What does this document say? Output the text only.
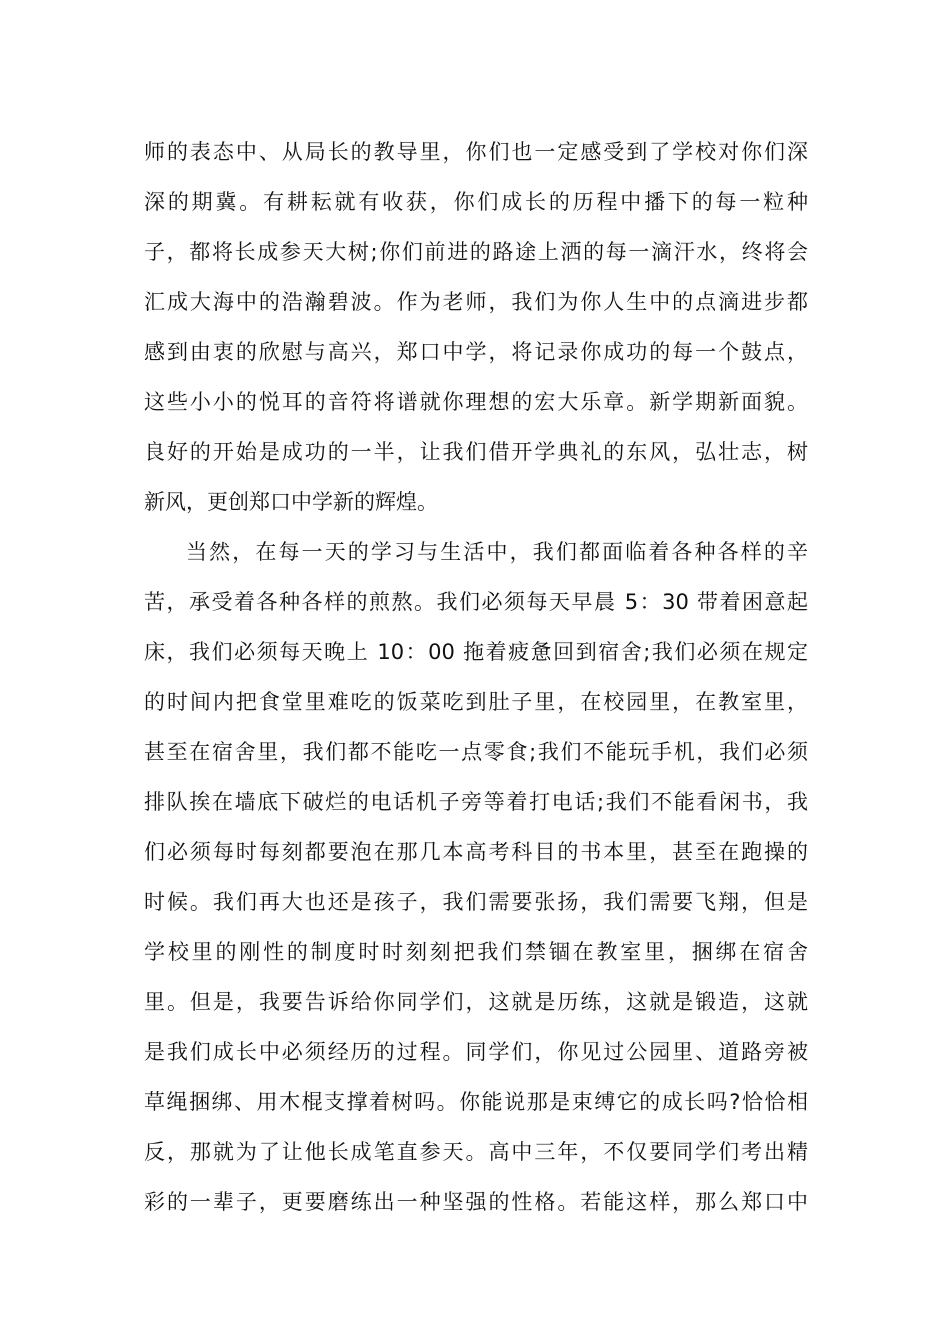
师的表态中、从局长的教导里，你们也一定感受到了学校对你们深
深的期冀。有耕耘就有收获，你们成长的历程中播下的每一粒种
子，都将长成参天大树;你们前进的路途上洒的每一滴汗水，终将会
汇成大海中的浩瀚碧波。作为老师，我们为你人生中的点滴进步都
感到由衷的欣慰与高兴，郑口中学，将记录你成功的每一个鼓点，
这些小小的悦耳的音符将谱就你理想的宏大乐章。新学期新面貌。
良好的开始是成功的一半，让我们借开学典礼的东风，弘壮志，树
新风，更创郑口中学新的辉煌。
当然，在每一天的学习与生活中，我们都面临着各种各样的辛
苦，承受着各种各样的煎熬。我们必须每天早晨 5：30 带着困意起
床，我们必须每天晚上 10：00 拖着疲惫回到宿舍;我们必须在规定
的时间内把食堂里难吃的饭菜吃到肚子里，在校园里，在教室里，
甚至在宿舍里，我们都不能吃一点零食;我们不能玩手机，我们必须
排队挨在墙底下破烂的电话机子旁等着打电话;我们不能看闲书，我
们必须每时每刻都要泡在那几本高考科目的书本里，甚至在跑操的
时候。我们再大也还是孩子，我们需要张扬，我们需要飞翔，但是
学校里的刚性的制度时时刻刻把我们禁锢在教室里，捆绑在宿舍
里。但是，我要告诉给你同学们，这就是历练，这就是锻造，这就
是我们成长中必须经历的过程。同学们，你见过公园里、道路旁被
草绳捆绑、用木棍支撑着树吗。你能说那是束缚它的成长吗?恰恰相
反，那就为了让他长成笔直参天。高中三年，不仅要同学们考出精
彩的一辈子，更要磨练出一种坚强的性格。若能这样，那么郑口中
